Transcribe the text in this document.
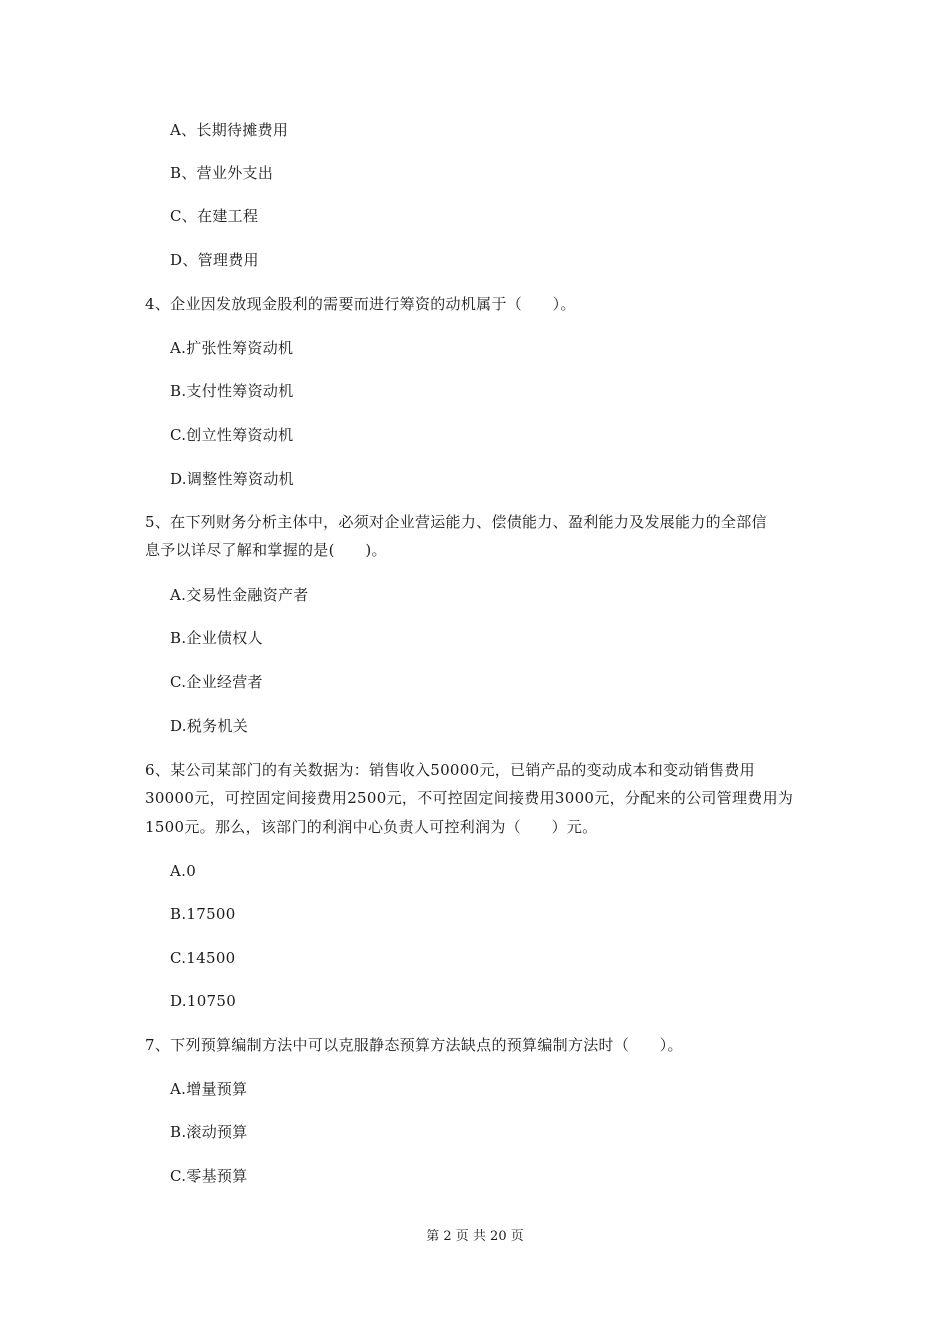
A、长期待摊费用
B、营业外支出
C、在建工程
D、管理费用
4、企业因发放现金股利的需要而进行筹资的动机属于（　　）。
A.扩张性筹资动机
B.支付性筹资动机
C.创立性筹资动机
D.调整性筹资动机
5、在下列财务分析主体中，必须对企业营运能力、偿债能力、盈利能力及发展能力的全部信
息予以详尽了解和掌握的是(　　)。
A.交易性金融资产者
B.企业债权人
C.企业经营者
D.税务机关
6、某公司某部门的有关数据为：销售收入50000元，已销产品的变动成本和变动销售费用
30000元，可控固定间接费用2500元，不可控固定间接费用3000元，分配来的公司管理费用为
1500元。那么，该部门的利润中心负责人可控利润为（　　）元。
A.0
B.17500
C.14500
D.10750
7、下列预算编制方法中可以克服静态预算方法缺点的预算编制方法时（　　）。
A.增量预算
B.滚动预算
C.零基预算
第 2 页 共 20 页
